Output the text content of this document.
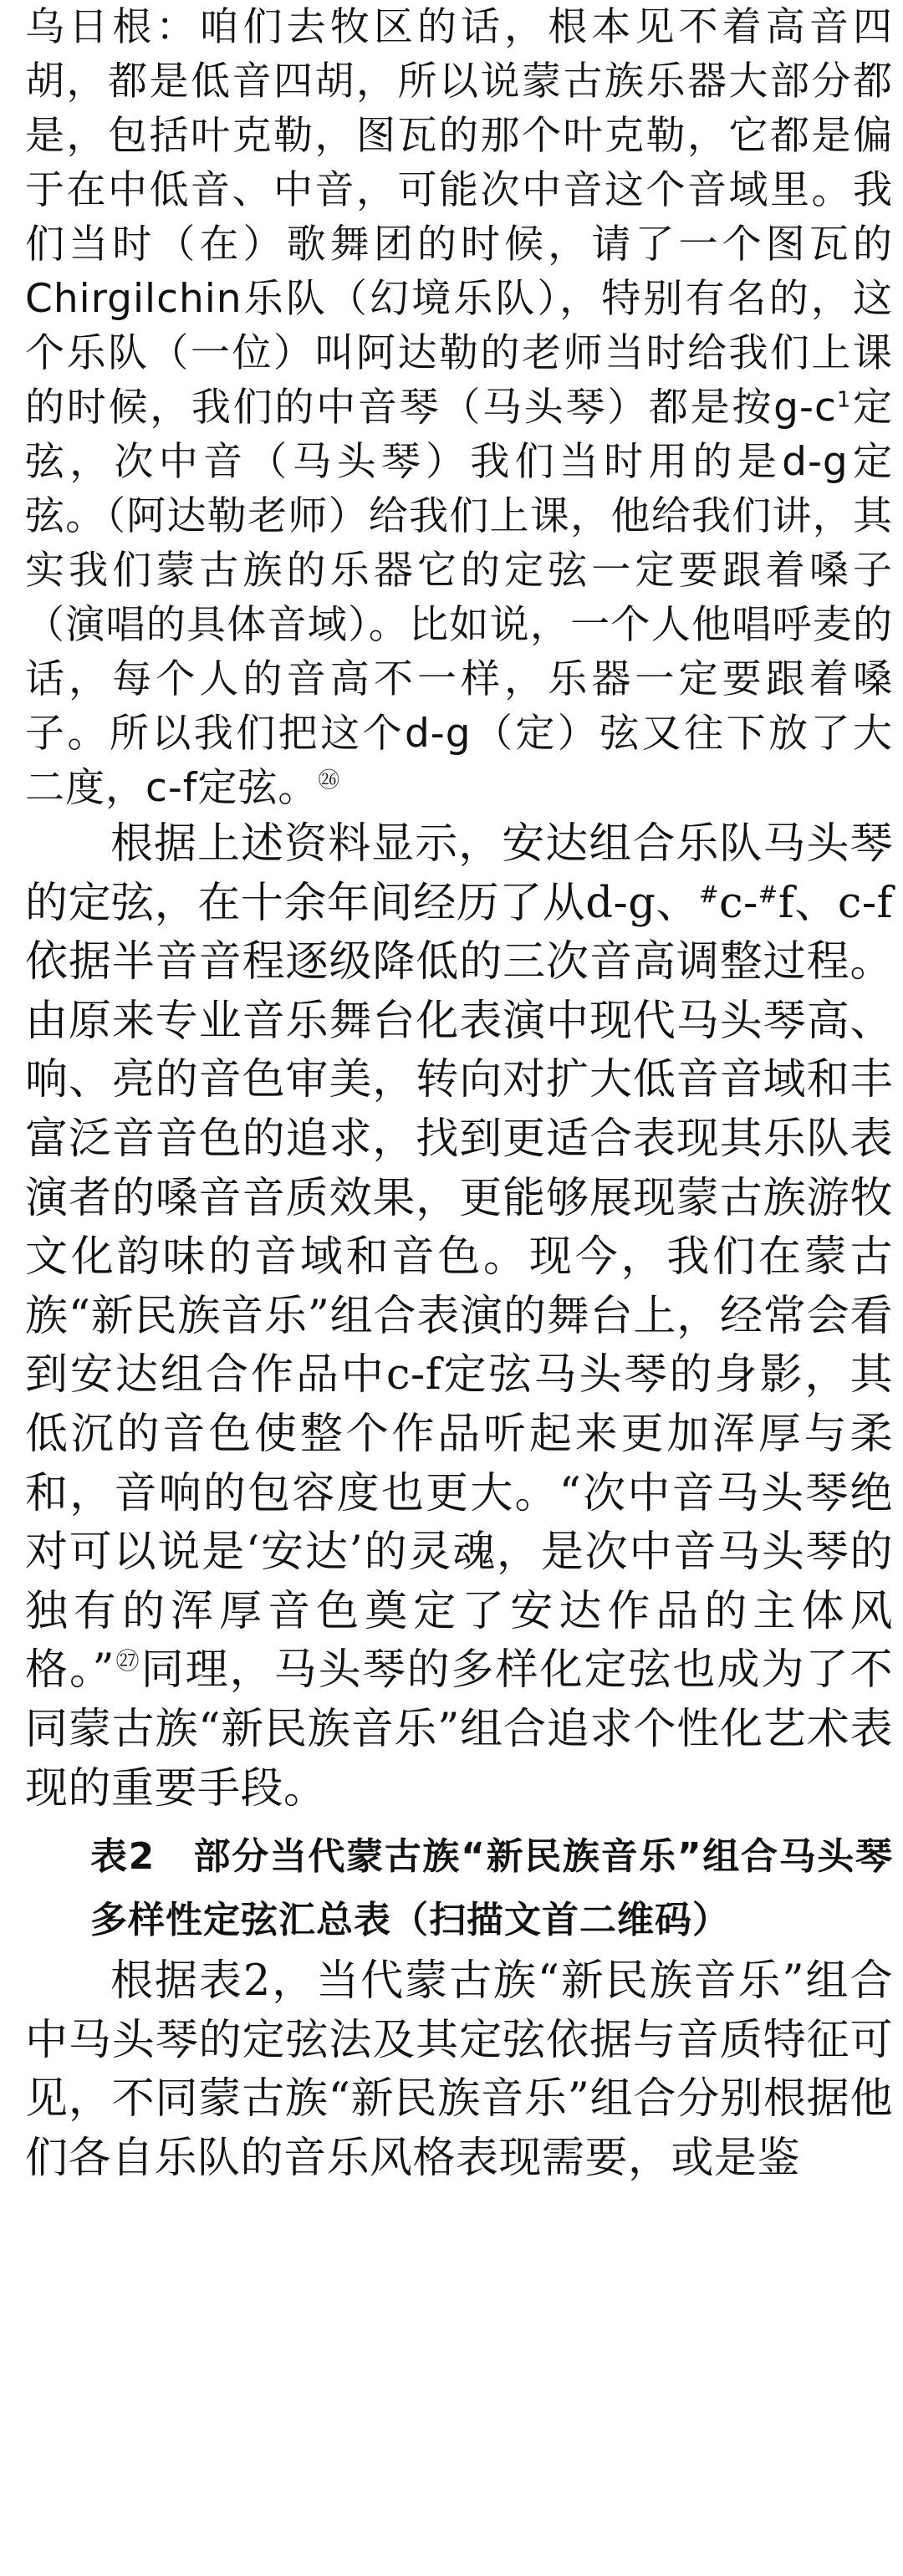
乌日根：咱们去牧区的话，根本见不着高音四胡，都是低音四胡，所以说蒙古族乐器大部分都是，包括叶克勒，图瓦的那个叶克勒，它都是偏于在中低音、中音，可能次中音这个音域里。我们当时（在）歌舞团的时候，请了一个图瓦的Chirgilchin乐队（幻境乐队），特别有名的，这个乐队（一位）叫阿达勒的老师当时给我们上课的时候，我们的中音琴（马头琴）都是按$g-c^1$定弦，次中音（马头琴）我们当时用的是d-g定弦。（阿达勒老师）给我们上课，他给我们讲，其实我们蒙古族的乐器它的定弦一定要跟着嗓子（演唱的具体音域）。比如说，一个人他唱呼麦的话，每个人的音高不一样，乐器一定要跟着嗓子。所以我们把这个d-g（定）弦又往下放了大二度，c-f定弦。$^㉖$

根据上述资料显示，安达组合乐队马头琴的定弦，在十余年间经历了从d-g、#c-#f、c-f依据半音音程逐级降低的三次音高调整过程。由原来专业音乐舞台化表演中现代马头琴高、响、亮的音色审美，转向对扩大低音音域和丰富泛音音色的追求，找到更适合表现其乐队表演者的嗓音音质效果，更能够展现蒙古族游牧文化韵味的音域和音色。现今，我们在蒙古族“新民族音乐”组合表演的舞台上，经常会看到安达组合作品中c-f定弦马头琴的身影，其低沉的音色使整个作品听起来更加浑厚与柔和，音响的包容度也更大。“次中音马头琴绝对可以说是‘安达’的灵魂，是次中音马头琴的独有的浑厚音色奠定了安达作品的主体风格。”$^㉗$同理，马头琴的多样化定弦也成为了不同蒙古族“新民族音乐”组合追求个性化艺术表现的重要手段。

表2　部分当代蒙古族“新民族音乐”组合马头琴多样性定弦汇总表（扫描文首二维码）

根据表2，当代蒙古族“新民族音乐”组合中马头琴的定弦法及其定弦依据与音质特征可见，不同蒙古族“新民族音乐”组合分别根据他们各自乐队的音乐风格表现需要，或是鉴
